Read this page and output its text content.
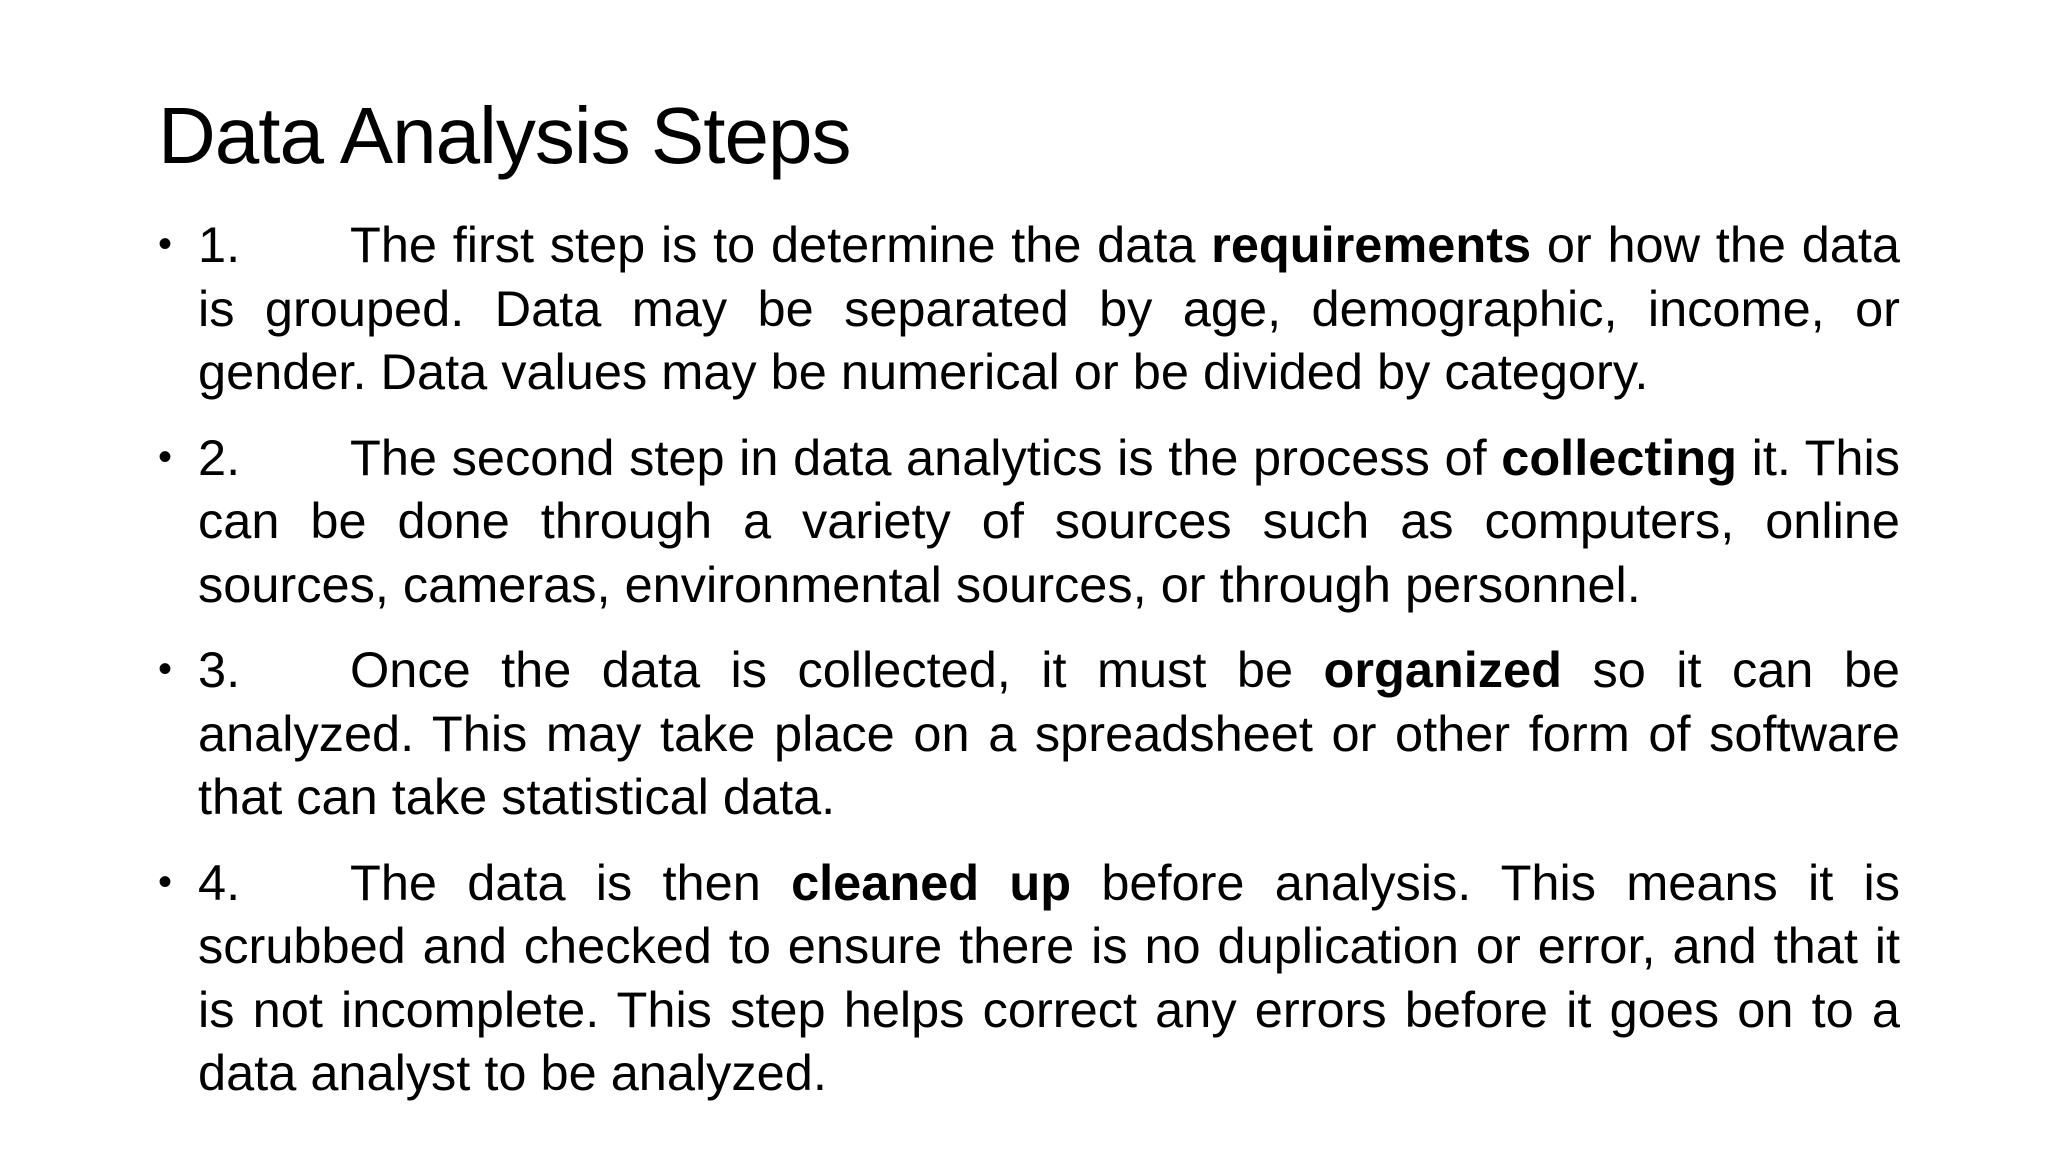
Data Analysis Steps
• 1. The first step is to determine the data requirements or how the data is grouped. Data may be separated by age, demographic, income, or gender. Data values may be numerical or be divided by category.
• 2. The second step in data analytics is the process of collecting it. This can be done through a variety of sources such as computers, online sources, cameras, environmental sources, or through personnel.
• 3. Once the data is collected, it must be organized so it can be analyzed. This may take place on a spreadsheet or other form of software that can take statistical data.
• 4. The data is then cleaned up before analysis. This means it is scrubbed and checked to ensure there is no duplication or error, and that it is not incomplete. This step helps correct any errors before it goes on to a data analyst to be analyzed.
